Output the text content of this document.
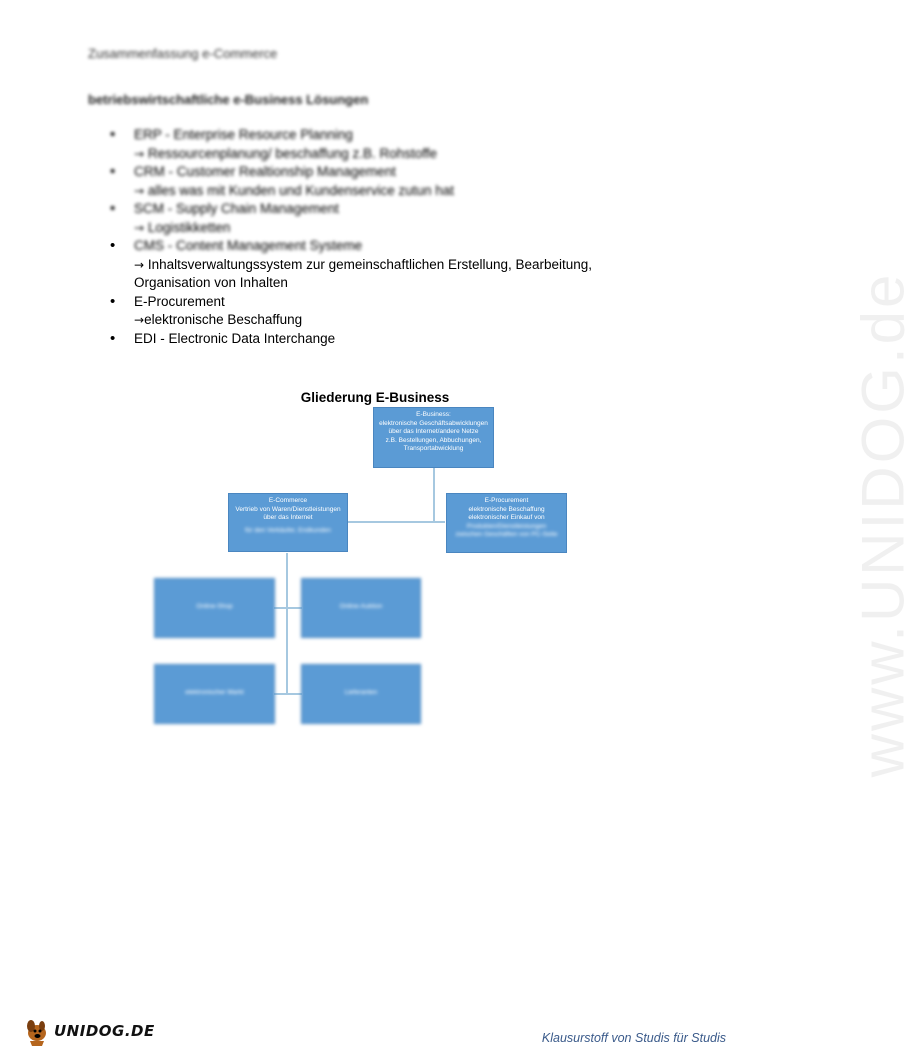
Zusammenfassung e-Commerce
betriebswirtschaftliche e-Business Lösungen
• ERP - Enterprise Resource Planning
→ Ressourcenplanung/ beschaffung z.B. Rohstoffe
• CRM - Customer Realtionship Management
→ alles was mit Kunden und Kundenservice zutun hat
• SCM - Supply Chain Management
→ Logistikketten
• CMS - Content Management Systeme
→ Inhaltsverwaltungssystem zur gemeinschaftlichen Erstellung, Bearbeitung, Organisation von Inhalten
• E-Procurement
→elektronische Beschaffung
• EDI - Electronic Data Interchange	www.UNIDOG.de
Gliederung E-Business
E-Business:
elektronische Geschäftsabwicklungen
über das Internet/andere Netze
z.B. Bestellungen, Abbuchungen,
Transportabwicklung
E-Commerce
Vertrieb von Waren/Dienstleistungen
über das Internet
für den Verkäufer, Endkunden
E-Procurement
elektronische Beschaffung
elektronischer Einkauf von
Produkten/Dienstleistungen
zwischen Geschäften von PC-Seite
Online-Shop	Online-Auktion
elektronischer Markt	Lieferanten
UNIDOG.DE	Klausurstoff von Studis für Studis
